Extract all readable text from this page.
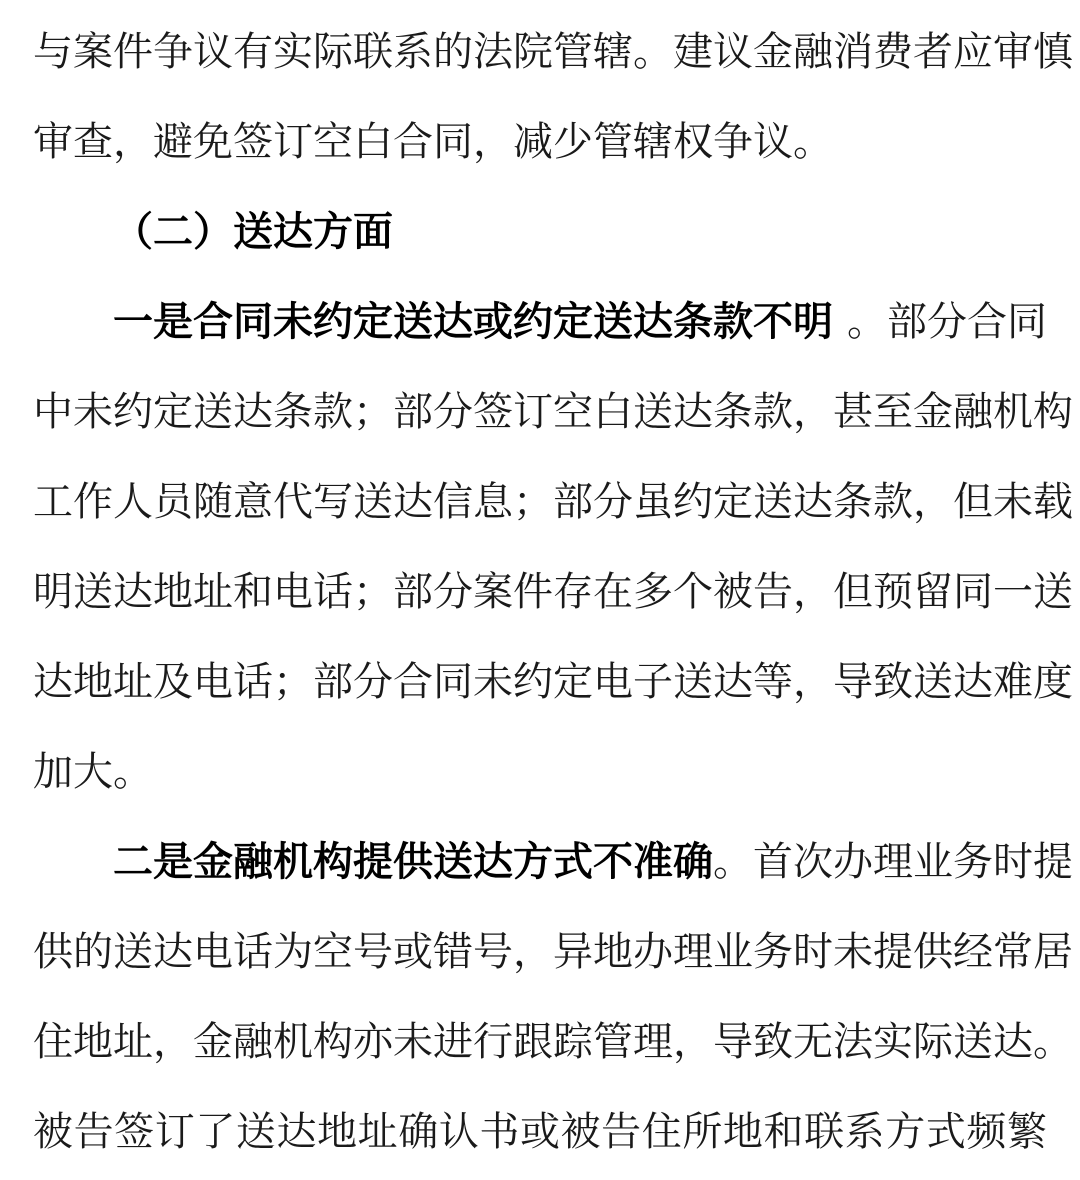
与案件争议有实际联系的法院管辖。建议金融消费者应审慎
审查，避免签订空白合同，减少管辖权争议。
（二）送达方面
一是合同未约定送达或约定送达条款不明 。部分合同
中未约定送达条款；部分签订空白送达条款，甚至金融机构
工作人员随意代写送达信息；部分虽约定送达条款，但未载
明送达地址和电话；部分案件存在多个被告，但预留同一送
达地址及电话；部分合同未约定电子送达等，导致送达难度
加大。
二是金融机构提供送达方式不准确 。首次办理业务时提
供的送达电话为空号或错号，异地办理业务时未提供经常居
住地址，金融机构亦未进行跟踪管理，导致无法实际送达。
被告签订了送达地址确认书或被告住所地和联系方式频繁
